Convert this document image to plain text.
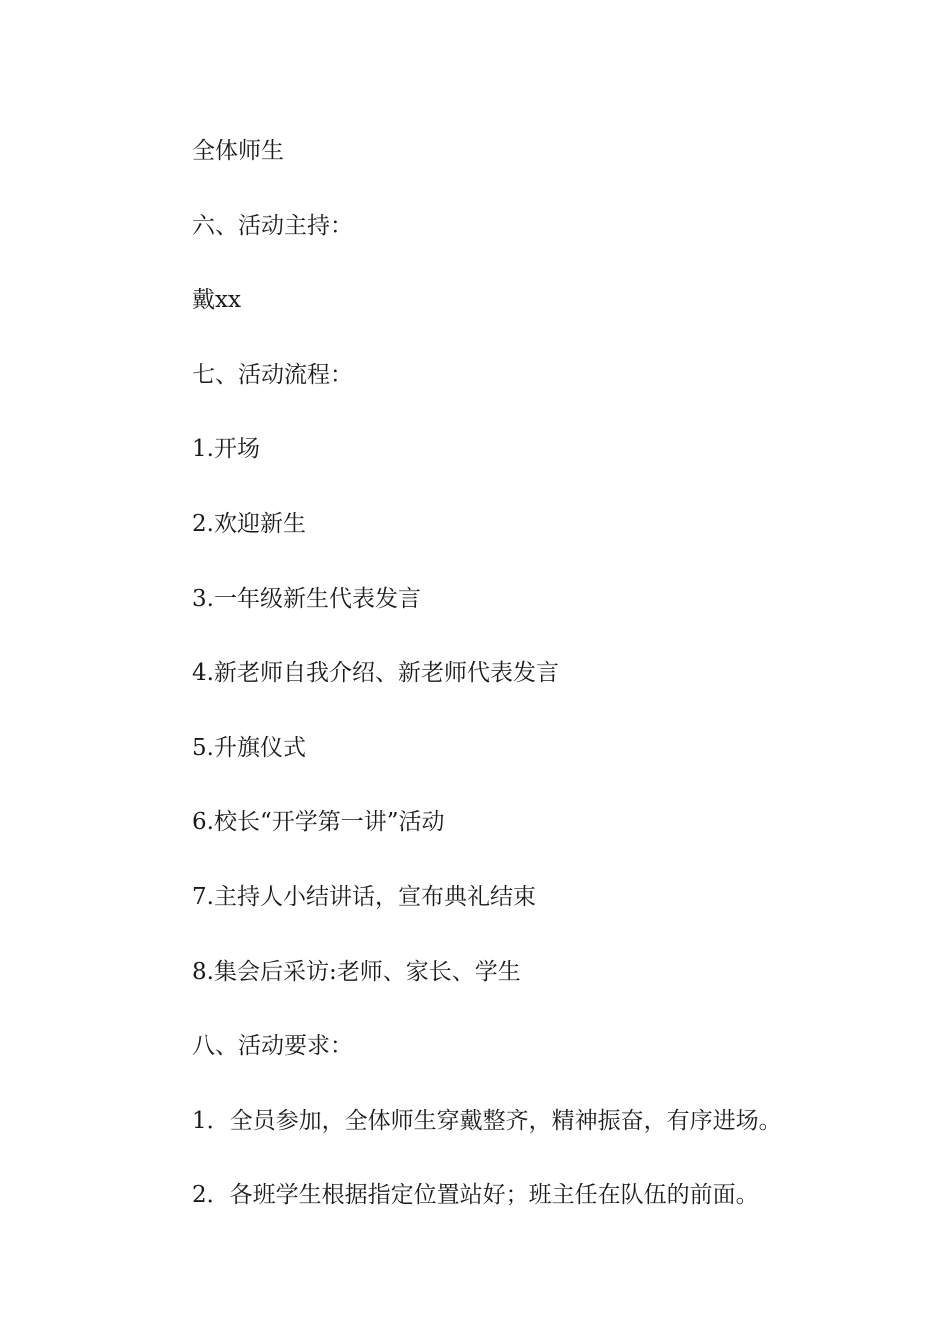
全体师生

六、活动主持：

戴xx

七、活动流程：

1.开场

2.欢迎新生

3.一年级新生代表发言

4.新老师自我介绍、新老师代表发言

5.升旗仪式

6.校长“开学第一讲”活动

7.主持人小结讲话，宣布典礼结束

8.集会后采访:老师、家长、学生

八、活动要求：

1．全员参加，全体师生穿戴整齐，精神振奋，有序进场。

2．各班学生根据指定位置站好；班主任在队伍的前面。
